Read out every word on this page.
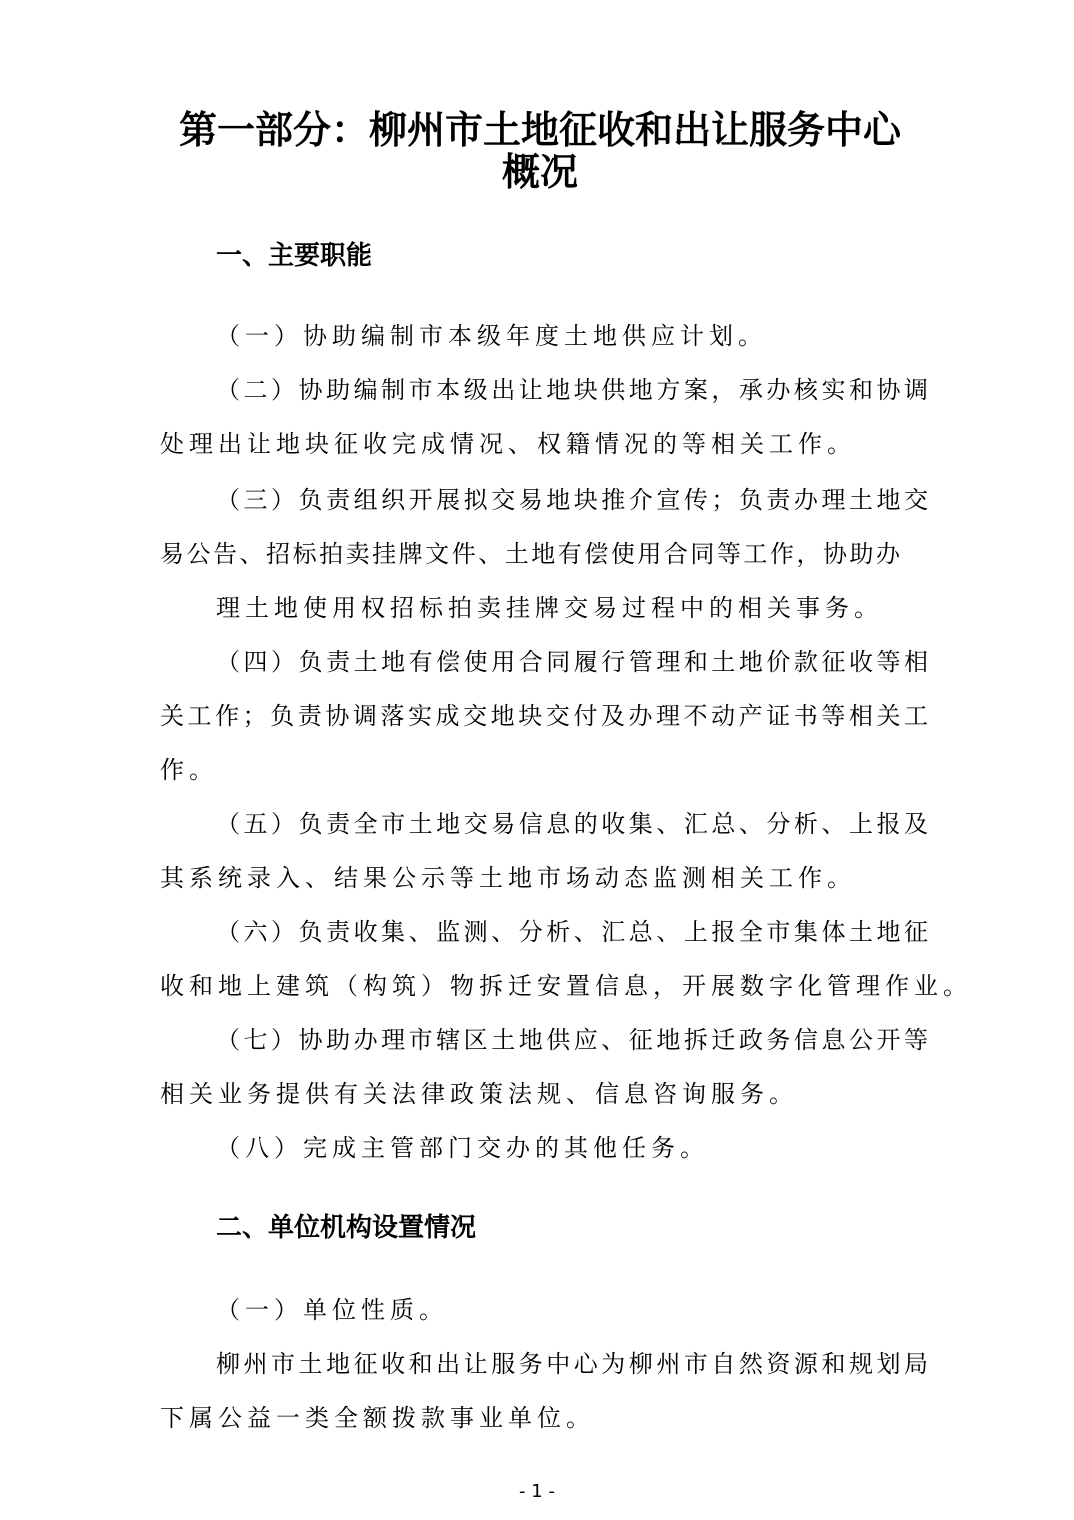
第一部分：柳州市土地征收和出让服务中心
概况
一、主要职能

（一）协助编制市本级年度土地供应计划。

（二）协助编制市本级出让地块供地方案，承办核实和协调

处理出让地块征收完成情况、权籍情况的等相关工作。

（三）负责组织开展拟交易地块推介宣传；负责办理土地交

易公告、招标拍卖挂牌文件、土地有偿使用合同等工作，协助办

理土地使用权招标拍卖挂牌交易过程中的相关事务。

（四）负责土地有偿使用合同履行管理和土地价款征收等相

关工作；负责协调落实成交地块交付及办理不动产证书等相关工

作。

（五）负责全市土地交易信息的收集、汇总、分析、上报及

其系统录入、结果公示等土地市场动态监测相关工作。

（六）负责收集、监测、分析、汇总、上报全市集体土地征

收和地上建筑（构筑）物拆迁安置信息，开展数字化管理作业。

（七）协助办理市辖区土地供应、征地拆迁政务信息公开等

相关业务提供有关法律政策法规、信息咨询服务。

（八）完成主管部门交办的其他任务。

二、单位机构设置情况

（一）单位性质。

柳州市土地征收和出让服务中心为柳州市自然资源和规划局

下属公益一类全额拨款事业单位。

- 1 -
